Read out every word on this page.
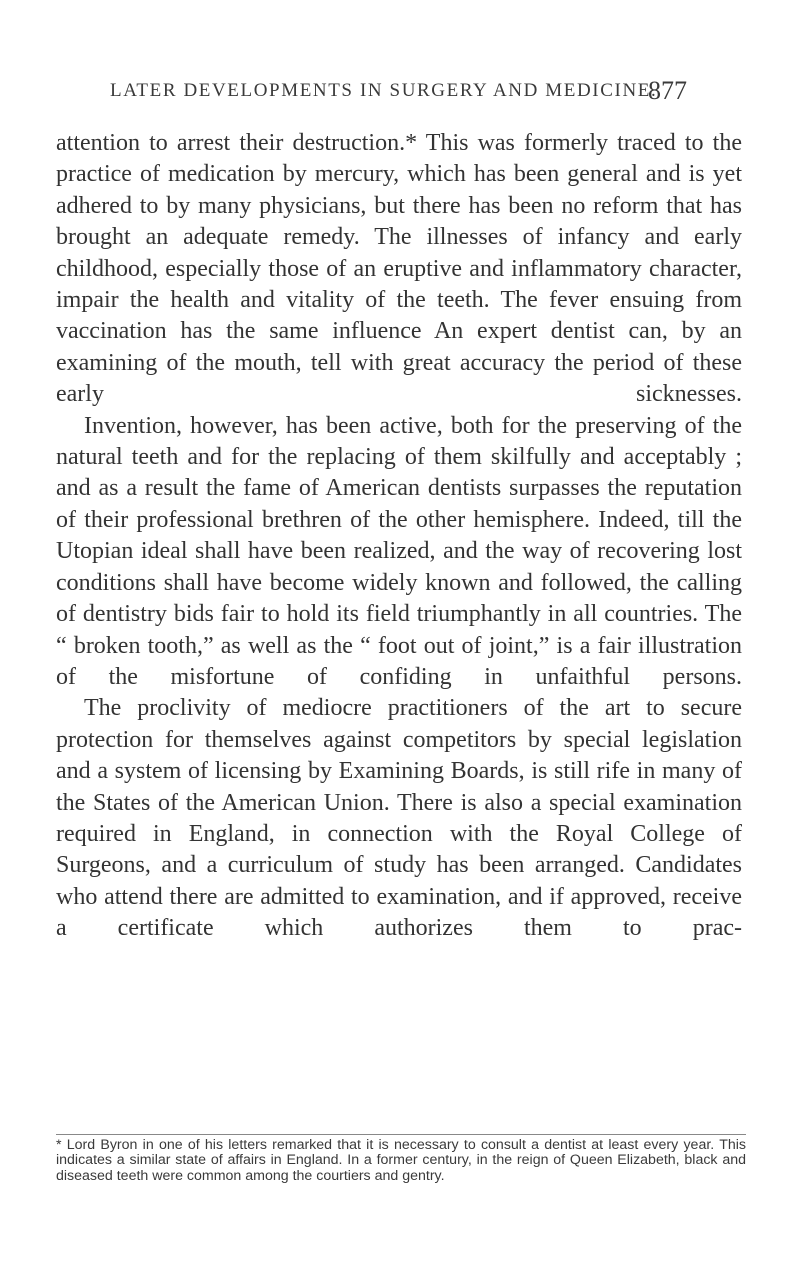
LATER DEVELOPMENTS IN SURGERY AND MEDICINE.
877

attention to arrest their destruction.* This was formerly traced to the practice of medication by mercury, which has been general and is yet adhered to by many physicians, but there has been no reform that has brought an adequate remedy. The illnesses of infancy and early childhood, especially those of an eruptive and inflammatory character, impair the health and vitality of the teeth. The fever ensuing from vaccination has the same influence An expert dentist can, by an examining of the mouth, tell with great accuracy the period of these early sicknesses.

Invention, however, has been active, both for the preserving of the natural teeth and for the replacing of them skilfully and acceptably ; and as a result the fame of American dentists surpasses the reputation of their professional brethren of the other hemisphere. Indeed, till the Utopian ideal shall have been realized, and the way of recovering lost conditions shall have become widely known and followed, the calling of dentistry bids fair to hold its field triumphantly in all countries. The “ broken tooth,” as well as the “ foot out of joint,” is a fair illustration of the misfortune of confiding in unfaithful persons.

The proclivity of mediocre practitioners of the art to secure protection for themselves against competitors by special legislation and a system of licensing by Examining Boards, is still rife in many of the States of the American Union. There is also a special examination required in England, in connection with the Royal College of Surgeons, and a curriculum of study has been arranged. Candidates who attend there are admitted to examination, and if approved, receive a certificate which authorizes them to prac-

* Lord Byron in one of his letters remarked that it is necessary to consult a dentist at least every year. This indicates a similar state of affairs in England. In a former century, in the reign of Queen Elizabeth, black and diseased teeth were common among the courtiers and gentry.
